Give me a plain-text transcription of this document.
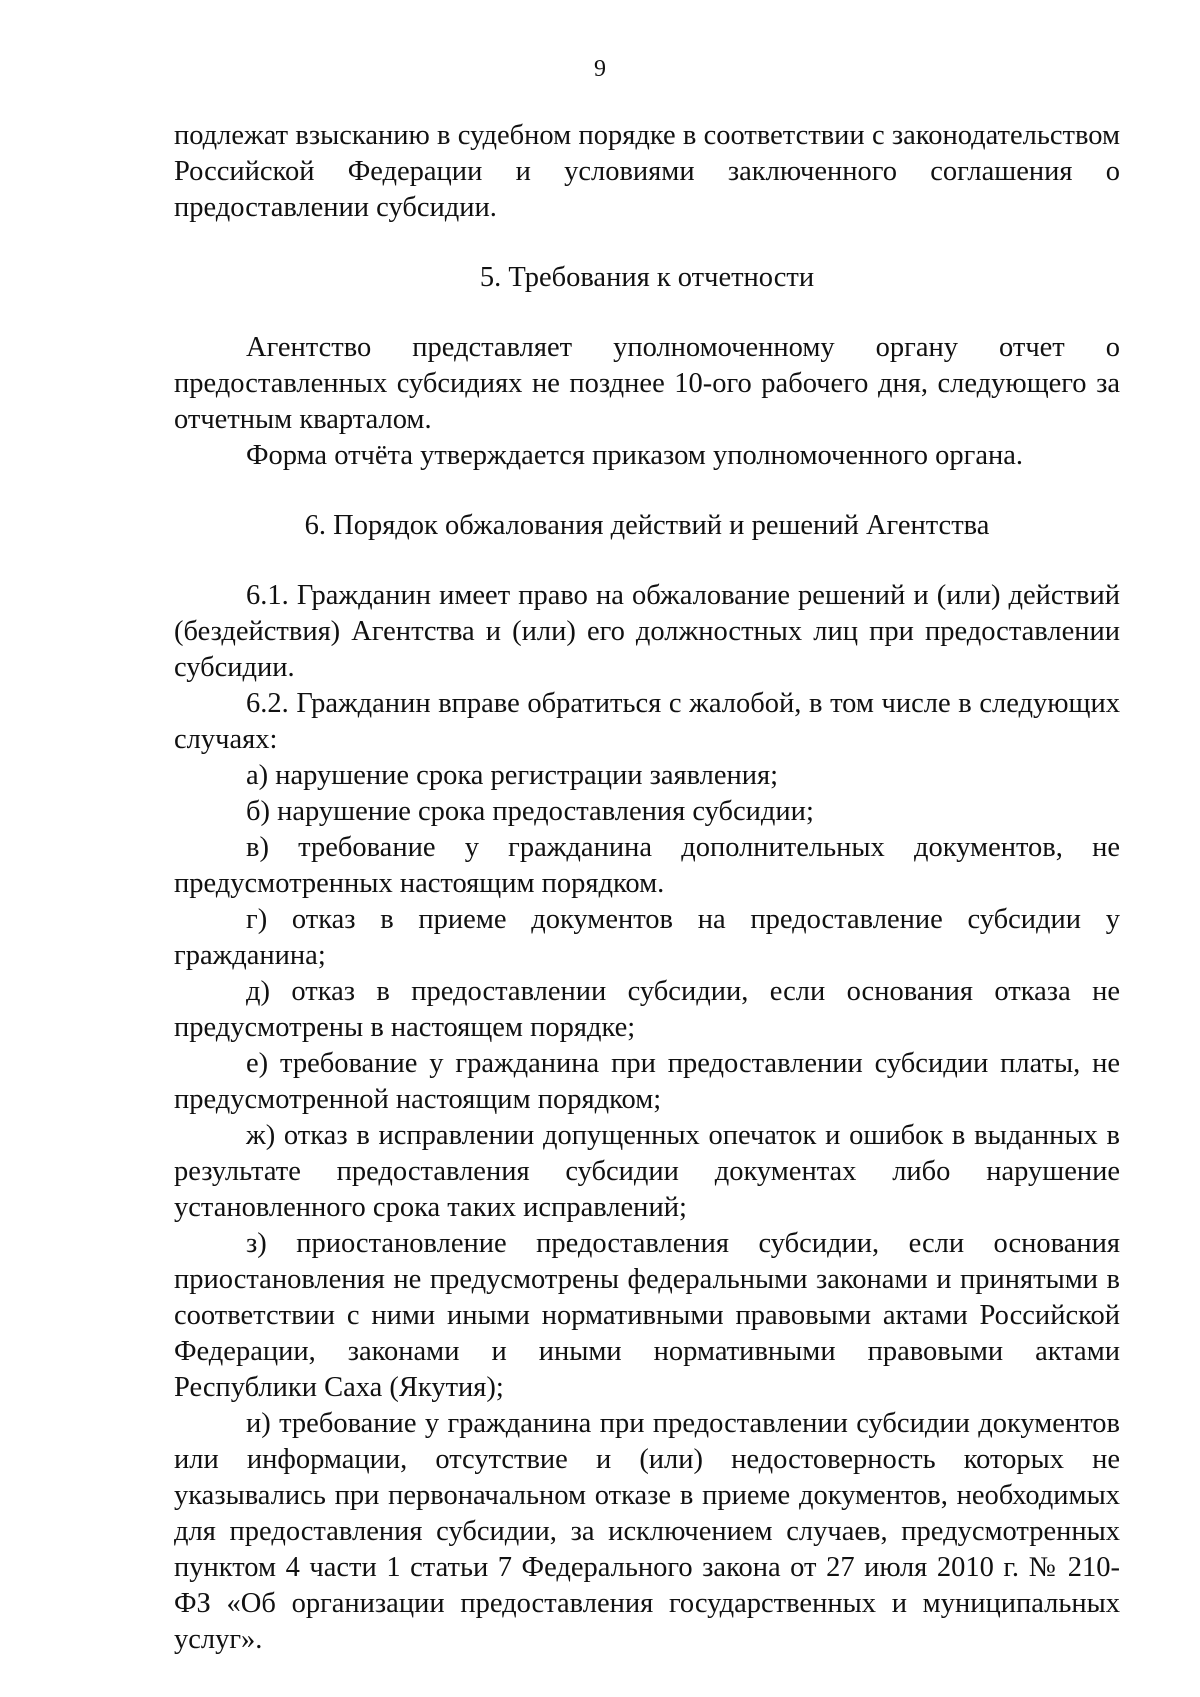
9

подлежат взысканию в судебном порядке в соответствии с законодательством Российской Федерации и условиями заключенного соглашения о предоставлении субсидии.

5. Требования к отчетности

Агентство представляет уполномоченному органу отчет о предоставленных субсидиях не позднее 10-ого рабочего дня, следующего за отчетным кварталом.

Форма отчёта утверждается приказом уполномоченного органа.

6. Порядок обжалования действий и решений Агентства

6.1. Гражданин имеет право на обжалование решений и (или) действий (бездействия) Агентства и (или) его должностных лиц при предоставлении субсидии.

6.2. Гражданин вправе обратиться с жалобой, в том числе в следующих случаях:

а) нарушение срока регистрации заявления;

б) нарушение срока предоставления субсидии;

в) требование у гражданина дополнительных документов, не предусмотренных настоящим порядком.

г) отказ в приеме документов на предоставление субсидии у гражданина;

д) отказ в предоставлении субсидии, если основания отказа не предусмотрены в настоящем порядке;

е) требование у гражданина при предоставлении субсидии платы, не предусмотренной настоящим порядком;

ж) отказ в исправлении допущенных опечаток и ошибок в выданных в результате предоставления субсидии документах либо нарушение установленного срока таких исправлений;

з) приостановление предоставления субсидии, если основания приостановления не предусмотрены федеральными законами и принятыми в соответствии с ними иными нормативными правовыми актами Российской Федерации, законами и иными нормативными правовыми актами Республики Саха (Якутия);

и) требование у гражданина при предоставлении субсидии документов или информации, отсутствие и (или) недостоверность которых не указывались при первоначальном отказе в приеме документов, необходимых для предоставления субсидии, за исключением случаев, предусмотренных пунктом 4 части 1 статьи 7 Федерального закона от 27 июля 2010 г. № 210-ФЗ «Об организации предоставления государственных и муниципальных услуг».
